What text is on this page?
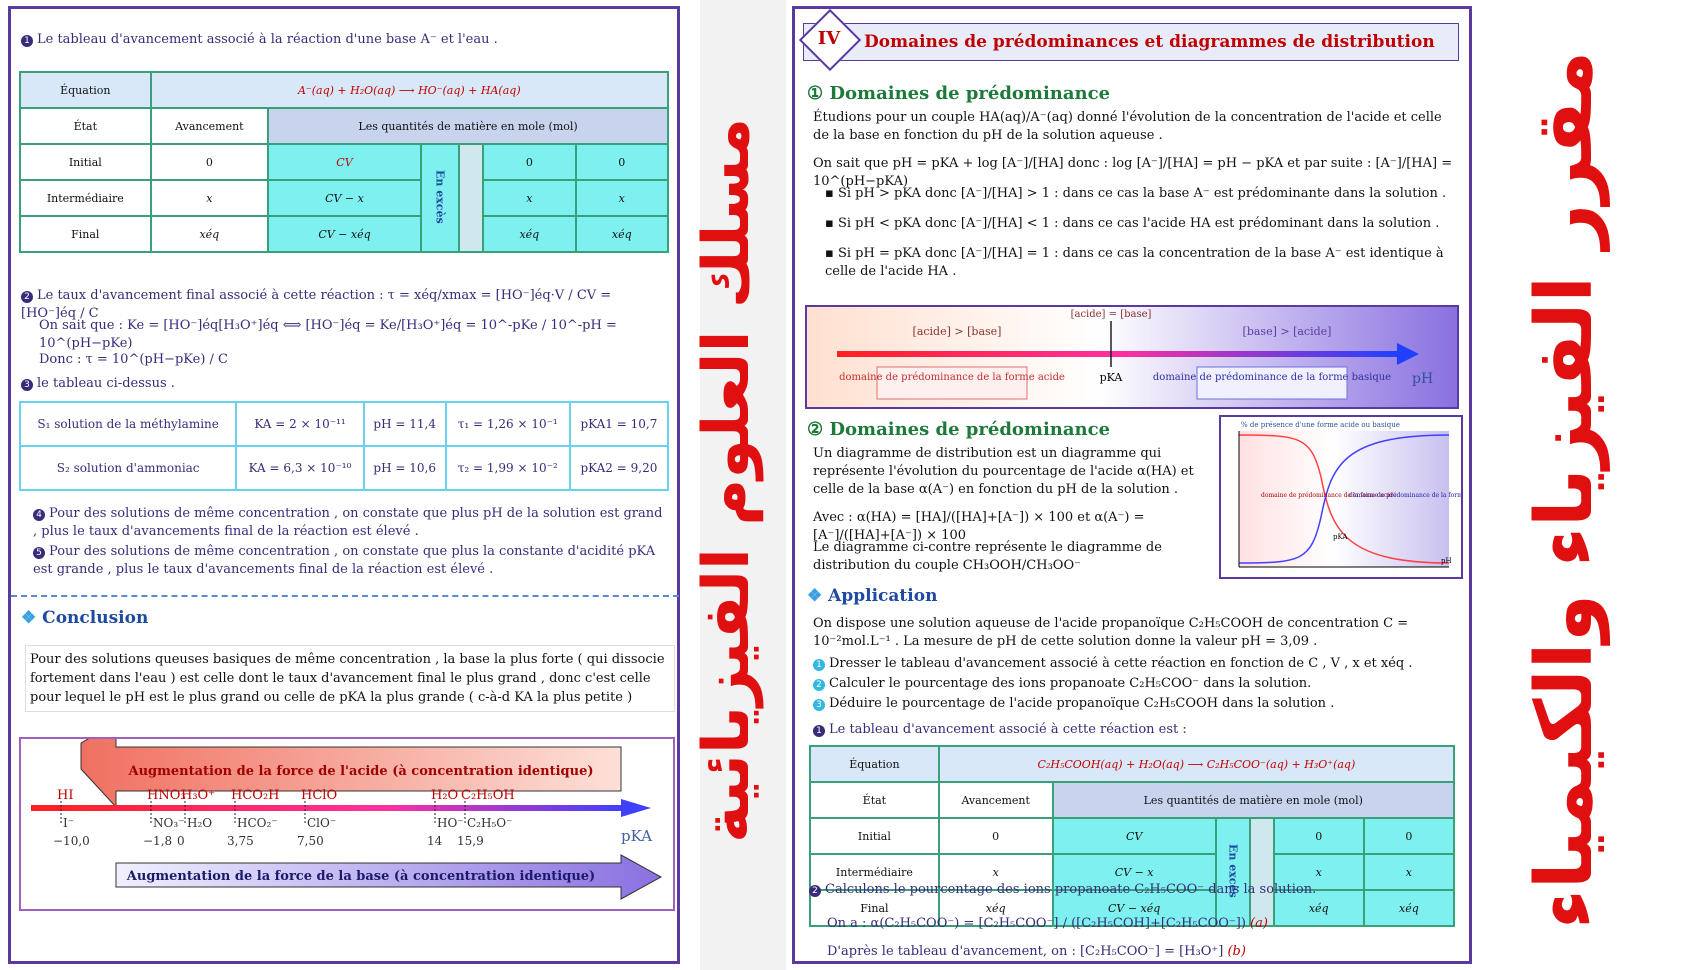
1 Le tableau d'avancement associé à la réaction d'une base A⁻ et l'eau .
Équation	A⁻(aq) + H₂O(aq) ⟶ HO⁻(aq) + HA(aq)					
État	Avancement	Les quantités de matière en mole (mol)				
Initial	0	CV	En excès		0	0
Intermédiaire	x	CV − x			x	x
Final	xéq	CV − xéq			xéq	xéq
2 Le taux d'avancement final associé à cette réaction : τ = xéq/xmax = [HO⁻]éq·V / CV = [HO⁻]éq / C
On sait que : Ke = [HO⁻]éq[H₃O⁺]éq ⟺ [HO⁻]éq = Ke/[H₃O⁺]éq = 10^-pKe / 10^-pH = 10^(pH−pKe)
Donc : τ = 10^(pH−pKe) / C
3 le tableau ci-dessus .
S₁ solution de la méthylamine	KA = 2 × 10⁻¹¹	pH = 11,4	τ₁ = 1,26 × 10⁻¹	pKA1 = 10,7
S₂ solution d'ammoniac	KA = 6,3 × 10⁻¹⁰	pH = 10,6	τ₂ = 1,99 × 10⁻²	pKA2 = 9,20
4 Pour des solutions de même concentration , on constate que plus pH de la solution est grand , plus le taux d'avancements final de la réaction est élevé .
5 Pour des solutions de même concentration , on constate que plus la constante d'acidité pKA est grande , plus le taux d'avancements final de la réaction est élevé .
❖ Conclusion
Pour des solutions queuses basiques de même concentration , la base la plus forte ( qui dissocie fortement dans l'eau ) est celle dont le taux d'avancement final le plus grand , donc c'est celle pour lequel le pH est le plus grand ou celle de pKA la plus grande ( c-à-d KA la plus petite )
Augmentation de la force de l'acide (à concentration identique)
pKA
HI	HNO₃
H₃O⁺ HCO₂H HClO	H₂O C₂H₅OH
I⁻	NO₃⁻ H₂O HCO₂⁻ ClO⁻	HO⁻ C₂H₅O⁻
−10,0	−1,8 0	3,75	7,50	14 15,9
Augmentation de la force de la base (à concentration identique)
مسلك العلوم الفيزيائية
IV	Domaines de prédominances et diagrammes de distribution
① Domaines de prédominance
Étudions pour un couple HA(aq)/A⁻(aq) donné l'évolution de la concentration de l'acide et celle de la base en fonction du pH de la solution aqueuse .
On sait que pH = pKA + log [A⁻]/[HA] donc : log [A⁻]/[HA] = pH − pKA et par suite : [A⁻]/[HA] = 10^(pH−pKA)
▪ Si pH > pKA donc [A⁻]/[HA] > 1 : dans ce cas la base A⁻ est prédominante dans la solution .
▪ Si pH < pKA donc [A⁻]/[HA] < 1 : dans ce cas l'acide HA est prédominant dans la solution .
▪ Si pH = pKA donc [A⁻]/[HA] = 1 : dans ce cas la concentration de la base A⁻ est identique à celle de l'acide HA .
[acide] > [base]
[acide] = [base]
[base] > [acide]
pKA	pH
domaine de prédominance de la forme acide	domaine de prédominance de la forme basique
② Domaines de prédominance
Un diagramme de distribution est un diagramme qui représente l'évolution du pourcentage de l'acide α(HA) et celle de la base α(A⁻) en fonction du pH de la solution .
Avec : α(HA) = [HA]/([HA]+[A⁻]) × 100 et α(A⁻) = [A⁻]/([HA]+[A⁻]) × 100
Le diagramme ci-contre représente le diagramme de distribution du couple CH₃OOH/CH₃OO⁻
% de présence d'une forme acide ou basique
domaine de prédominance de la forme acide
domaine de prédominance de la form
pKA
pH
❖ Application
On dispose une solution aqueuse de l'acide propanoïque C₂H₅COOH de concentration C = 10⁻²mol.L⁻¹ . La mesure de pH de cette solution donne la valeur pH = 3,09 .
1 Dresser le tableau d'avancement associé à cette réaction en fonction de C , V , x et xéq .
2 Calculer le pourcentage des ions propanoate C₂H₅COO⁻ dans la solution.
3 Déduire le pourcentage de l'acide propanoïque C₂H₅COOH dans la solution .
1 Le tableau d'avancement associé à cette réaction est :
Équation	C₂H₅COOH(aq) + H₂O(aq) ⟶ C₂H₅COO⁻(aq) + H₃O⁺(aq)					
État	Avancement	Les quantités de matière en mole (mol)				
Initial	0	CV	En excès		0	0
Intermédiaire	x	CV − x			x	x
Final	xéq	CV − xéq			xéq	xéq
2 Calculons le pourcentage des ions propanoate C₂H₅COO⁻ dans la solution.
On a : α(C₂H₅COO⁻) = [C₂H₅COO⁻] / ([C₂H₅COH]+[C₂H₅COO⁻]) (a)
D'après le tableau d'avancement, on : [C₂H₅COO⁻] = [H₃O⁺] (b)
مقرر الفيزياء والكيمياء
